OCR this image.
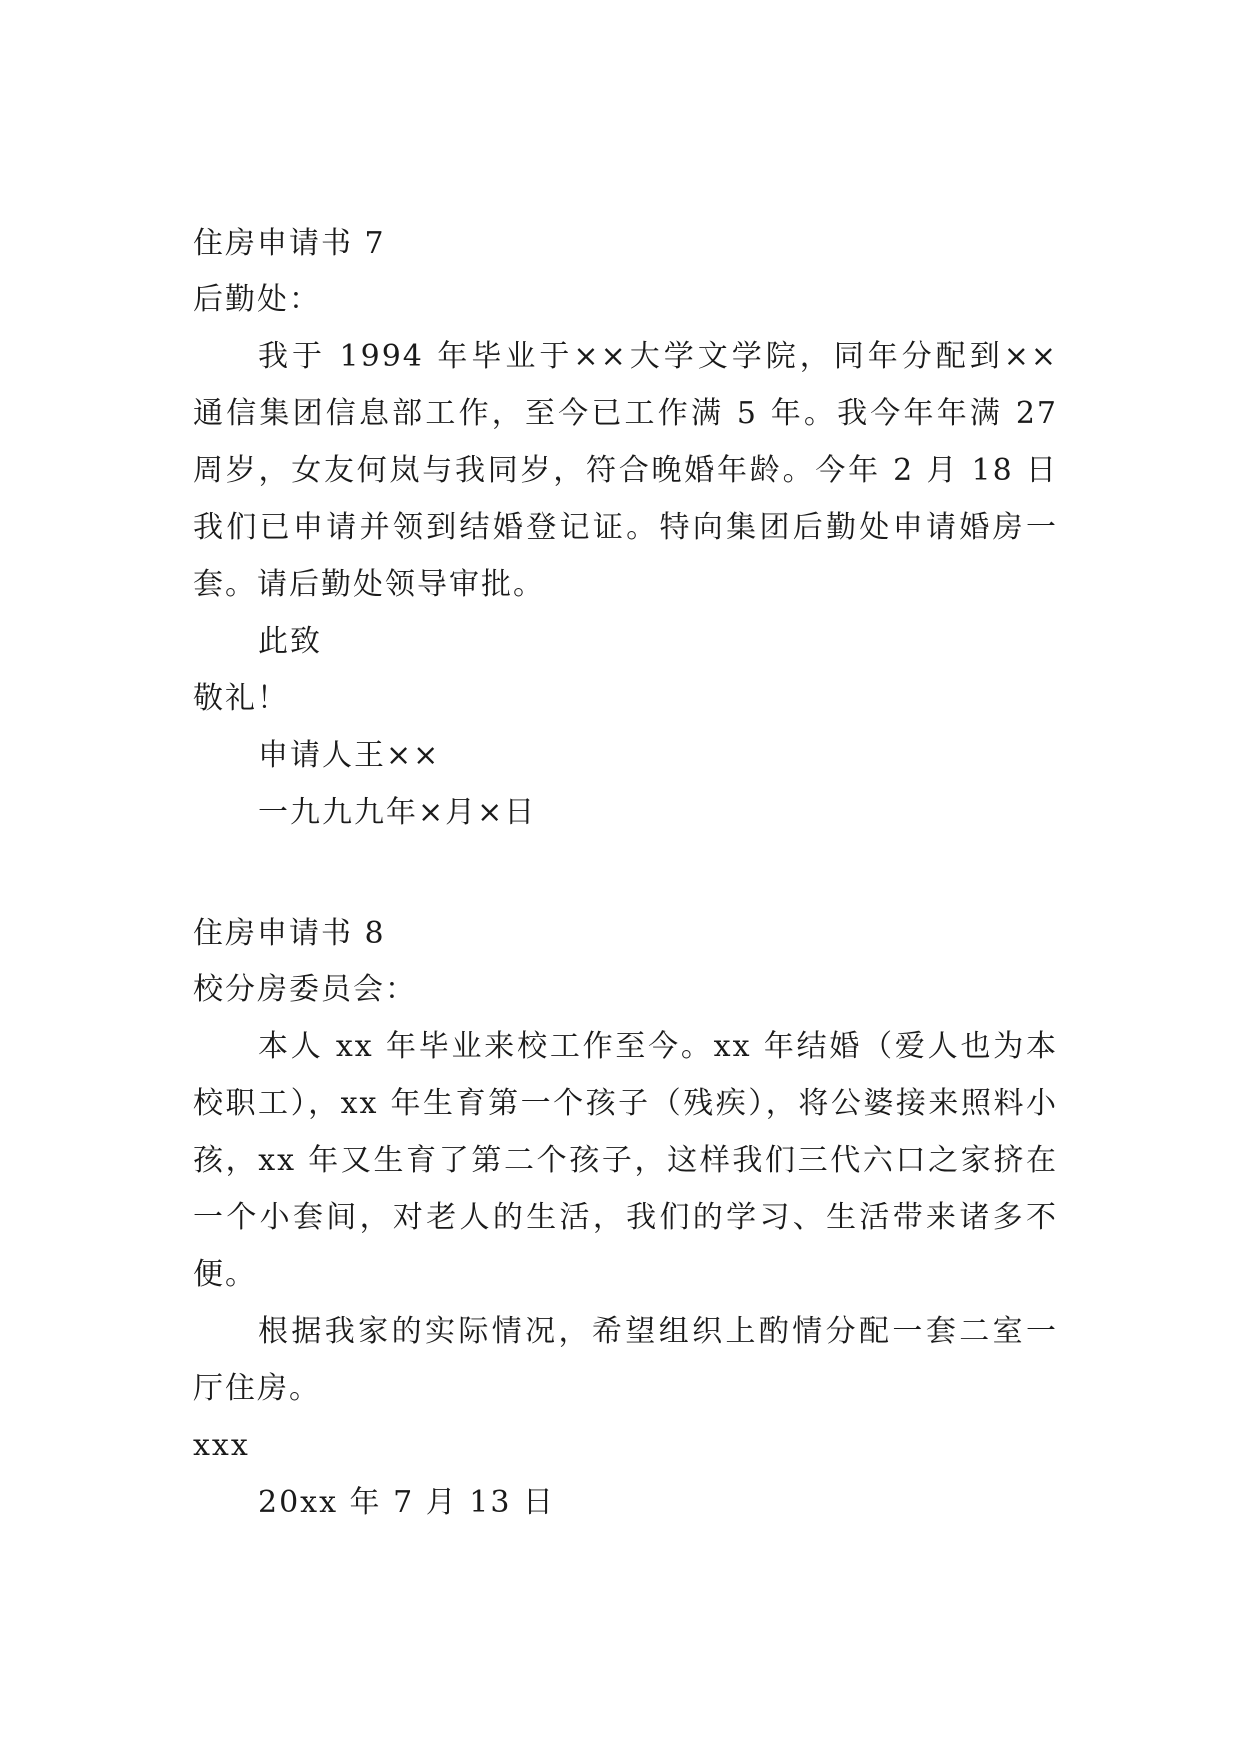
住房申请书 7
后勤处：
我于 1994 年毕业于××大学文学院，同年分配到××
通信集团信息部工作，至今已工作满 5 年。我今年年满 27
周岁，女友何岚与我同岁，符合晚婚年龄。今年 2 月 18 日
我们已申请并领到结婚登记证。特向集团后勤处申请婚房一
套。请后勤处领导审批。
此致
敬礼！
申请人王××
一九九九年×月×日
住房申请书 8
校分房委员会：
本人 xx 年毕业来校工作至今。xx 年结婚（爱人也为本
校职工），xx 年生育第一个孩子（残疾），将公婆接来照料小
孩，xx 年又生育了第二个孩子，这样我们三代六口之家挤在
一个小套间，对老人的生活，我们的学习、生活带来诸多不
便。
根据我家的实际情况，希望组织上酌情分配一套二室一
厅住房。
xxx
20xx 年 7 月 13 日
